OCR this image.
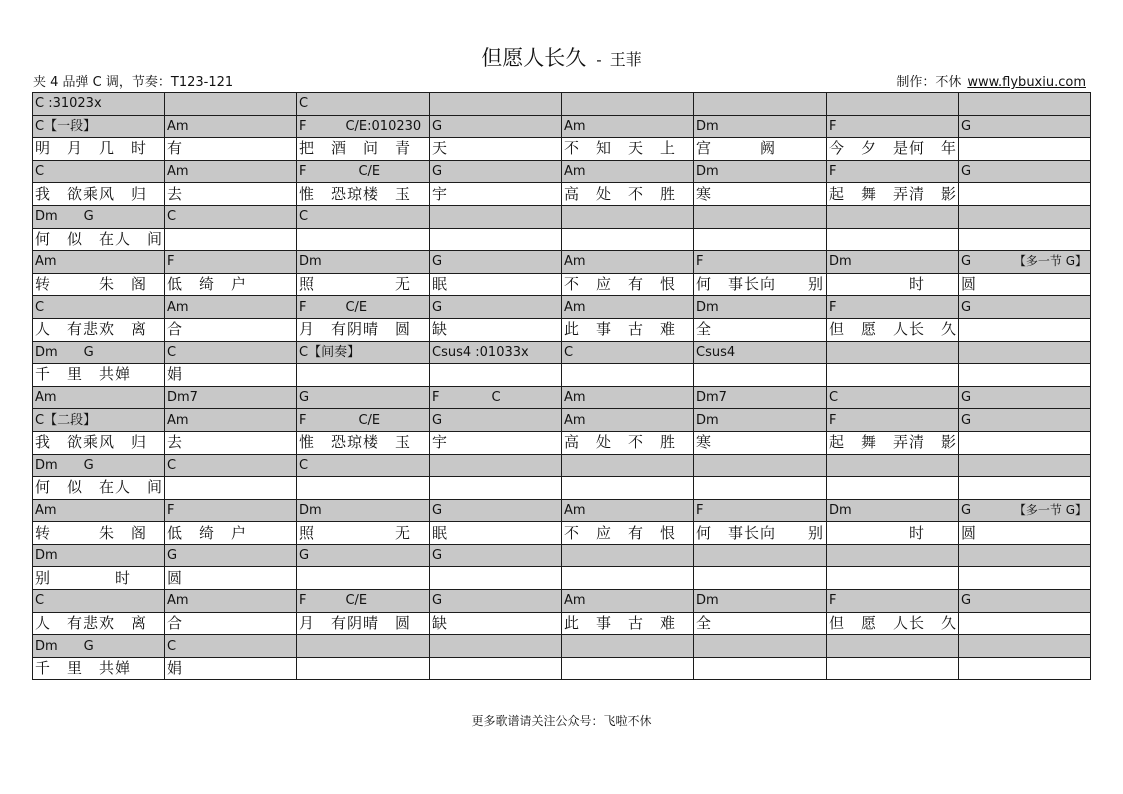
但愿人长久 - 王菲
夹 4 品弹 C 调，节奏：T123-121	制作：不休 www.flybuxiu.com
C :31023x		C					
C【一段】	Am	F　　　C/E:010230	G	Am	Dm	F	G
明　月　几　时	有	把　酒　问　青	天	不　知　天　上	宫　　　阙	今　夕　是何　年	
C	Am	F　　　　C/E	G	Am	Dm	F	G
我　欲乘风　归	去	惟　恐琼楼　玉	宇	高　处　不　胜	寒	起　舞　弄清　影	
Dm　　G	C	C					
何　似　在人　间							
Am	F	Dm	G	Am	F	Dm	G　　 【多一节 G】

转　　　朱　阁	低　绮　户	照　　　　　无	眠	不　应　有　恨	何　事长向　　别	　　　　　时	圆
C	Am	F　　　C/E	G	Am	Dm	F	G
人　有悲欢　离	合	月　有阴晴　圆	缺	此　事　古　难	全	但　愿　人长　久	
Dm　　G	C	C【间奏】	Csus4 :01033x	C	Csus4		
千　里　共婵	娟						
Am	Dm7	G	F　　　　C	Am	Dm7	C	G
C【二段】	Am	F　　　　C/E	G	Am	Dm	F	G
我　欲乘风　归	去	惟　恐琼楼　玉	宇	高　处　不　胜	寒	起　舞　弄清　影	
Dm　　G	C	C					
何　似　在人　间							
Am	F	Dm	G	Am	F	Dm	G　　 【多一节 G】

转　　　朱　阁	低　绮　户	照　　　　　无	眠	不　应　有　恨	何　事长向　　别	　　　　　时	圆
Dm	G	G	G				
别　　　　时	圆						
C	Am	F　　　C/E	G	Am	Dm	F	G
人　有悲欢　离	合	月　有阴晴　圆	缺	此　事　古　难	全	但　愿　人长　久	
Dm　　G	C						
千　里　共婵	娟						
更多歌谱请关注公众号：飞啦不休
